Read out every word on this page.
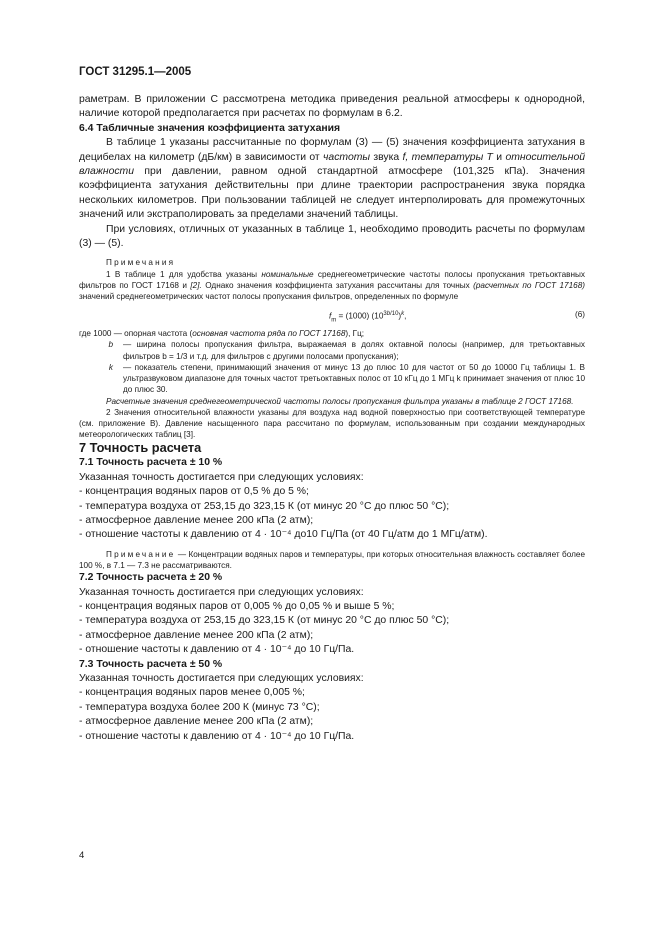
ГОСТ 31295.1—2005

раметрам. В приложении С рассмотрена методика приведения реальной атмосферы к однородной, наличие которой предполагается при расчетах по формулам в 6.2.

6.4 Табличные значения коэффициента затухания

В таблице 1 указаны рассчитанные по формулам (3) — (5) значения коэффициента затухания в децибелах на километр (дБ/км) в зависимости от частоты звука f, температуры T и относительной влажности при давлении, равном одной стандартной атмосфере (101,325 кПа). Значения коэффициента затухания действительны при длине траектории распространения звука порядка нескольких километров. При пользовании таблицей не следует интерполировать для промежуточных значений или экстраполировать за пределами значений таблицы.

При условиях, отличных от указанных в таблице 1, необходимо проводить расчеты по формулам (3) — (5).

Примечания

1 В таблице 1 для удобства указаны номинальные среднегеометрические частоты полосы пропускания третьоктавных фильтров по ГОСТ 17168 и [2]. Однако значения коэффициента затухания рассчитаны для точных (расчетных по ГОСТ 17168) значений среднегеометрических частот полосы пропускания фильтров, определенных по формуле

$f_m = (1000)$ $(10^{3b/10})^k$,	(6)

где 1000 — опорная частота (основная частота ряда по ГОСТ 17168), Гц;

b — ширина полосы пропускания фильтра, выражаемая в долях октавной полосы (например, для третьоктавных фильтров b = 1/3 и т.д. для фильтров с другими полосами пропускания);

k — показатель степени, принимающий значения от минус 13 до плюс 10 для частот от 50 до 10000 Гц таблицы 1. В ультразвуковом диапазоне для точных частот третьоктавных полос от 10 кГц до 1 МГц k принимает значения от плюс 10 до плюс 30.

Расчетные значения среднегеометрической частоты полосы пропускания фильтра указаны в таблице 2 ГОСТ 17168.

2 Значения относительной влажности указаны для воздуха над водной поверхностью при соответствующей температуре (см. приложение В). Давление насыщенного пара рассчитано по формулам, использованным при создании международных метеорологических таблиц [3].

7 Точность расчета

7.1 Точность расчета ± 10 %

Указанная точность достигается при следующих условиях:

- концентрация водяных паров от 0,5 % до 5 %;

- температура воздуха от 253,15 до 323,15 К (от минус 20 °С до плюс 50 °С);

- атмосферное давление менее 200 кПа (2 атм);

- отношение частоты к давлению от 4 · 10⁻⁴ до10 Гц/Па (от 40 Гц/атм до 1 МГц/атм).

Примечание — Концентрации водяных паров и температуры, при которых относительная влажность составляет более 100 %, в 7.1 — 7.3 не рассматриваются.

7.2 Точность расчета ± 20 %

Указанная точность достигается при следующих условиях:

- концентрация водяных паров от 0,005 % до 0,05 % и выше 5 %;

- температура воздуха от 253,15 до 323,15 К (от минус 20 °С до плюс 50 °С);

- атмосферное давление менее 200 кПа (2 атм);

- отношение частоты к давлению от 4 · 10⁻⁴ до 10 Гц/Па.

7.3 Точность расчета ± 50 %

Указанная точность достигается при следующих условиях:

- концентрация водяных паров менее 0,005 %;

- температура воздуха более 200 К (минус 73 °С);

- атмосферное давление менее 200 кПа (2 атм);

- отношение частоты к давлению от 4 · 10⁻⁴ до 10 Гц/Па.

4
